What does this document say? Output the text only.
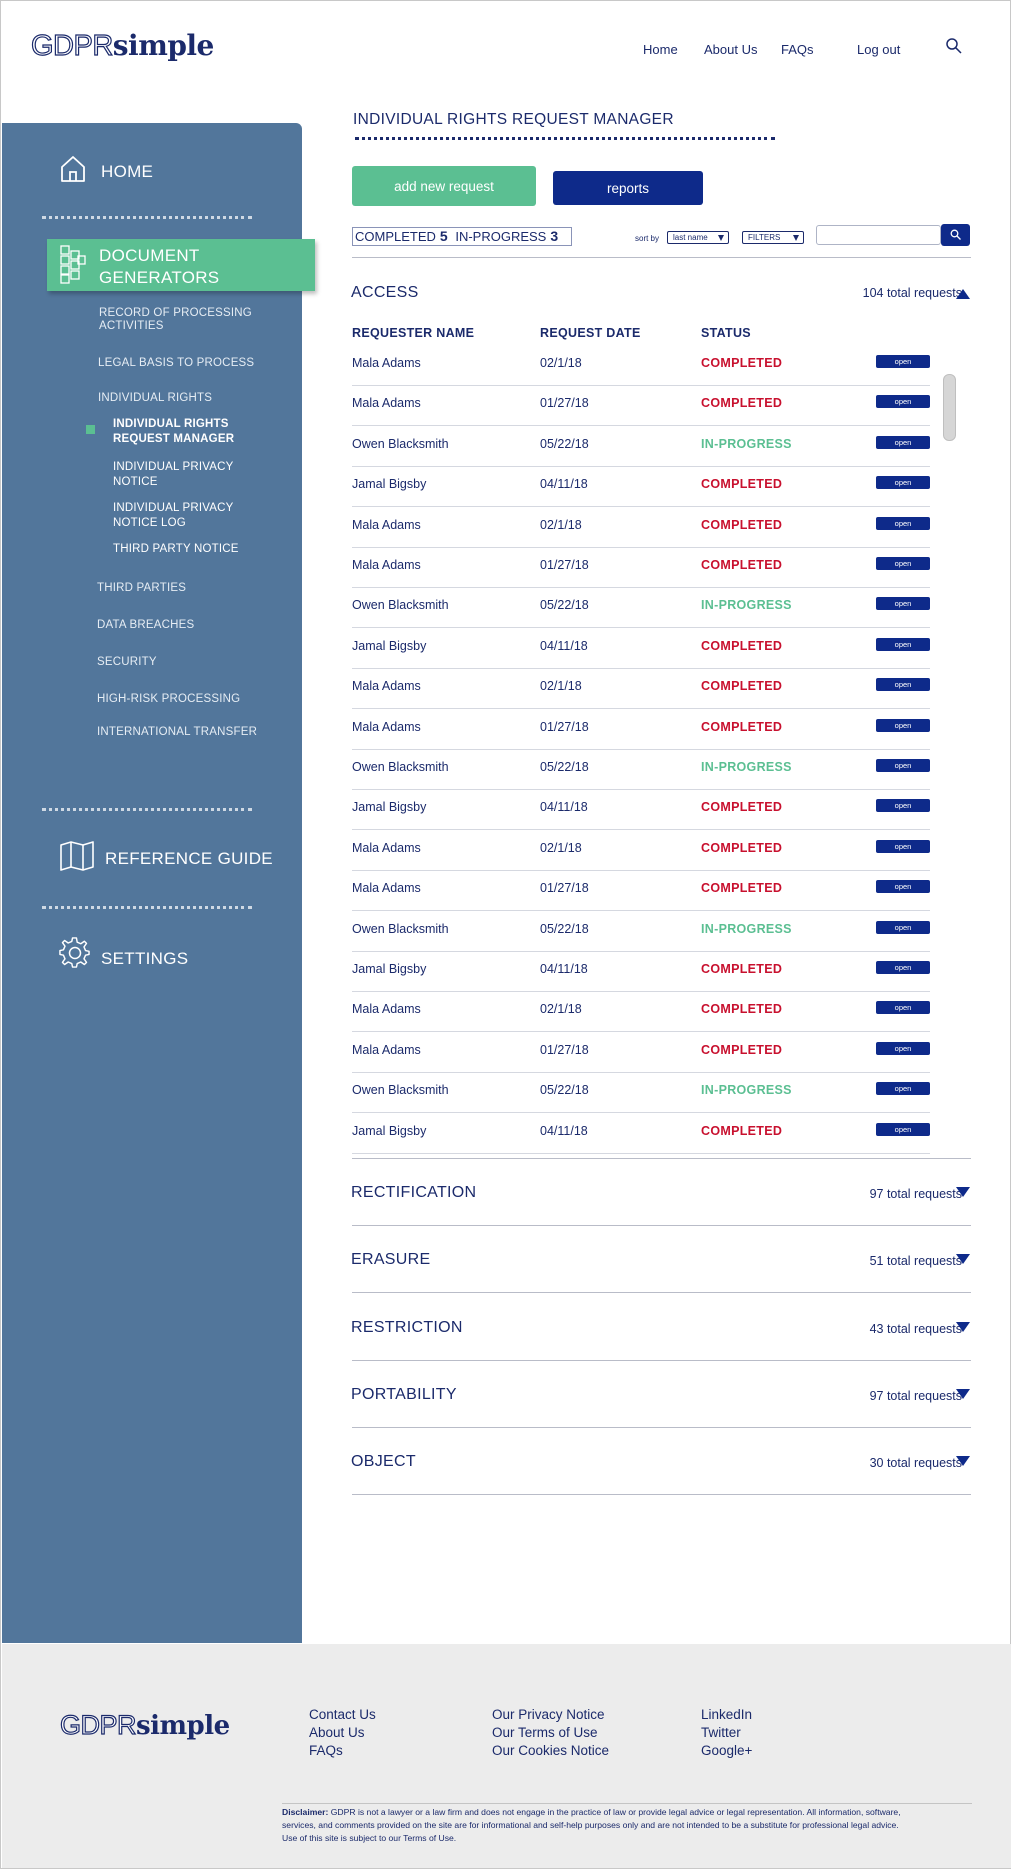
GDPRsimple	Home About Us FAQs	Log out
HOME
RECORD OF PROCESSING ACTIVITIES
LEGAL BASIS TO PROCESS
INDIVIDUAL RIGHTS
INDIVIDUAL RIGHTS REQUEST MANAGER
INDIVIDUAL PRIVACY NOTICE
INDIVIDUAL PRIVACY NOTICE LOG
THIRD PARTY NOTICE
THIRD PARTIES
DATA BREACHES
SECURITY
HIGH-RISK PROCESSING
INTERNATIONAL TRANSFER
REFERENCE GUIDE
SETTINGS
DOCUMENT GENERATORS
INDIVIDUAL RIGHTS REQUEST MANAGER
add new request	reports
COMPLETED 5 IN-PROGRESS 3	sort by	last name	FILTERS
ACCESS	104 total requests
REQUESTER NAME	REQUEST DATE	STATUS
Mala Adams	02/1/18	COMPLETED	open
Mala Adams	01/27/18	COMPLETED	open
Owen Blacksmith	05/22/18	IN-PROGRESS	open
Jamal Bigsby	04/11/18	COMPLETED	open
Mala Adams	02/1/18	COMPLETED	open
Mala Adams	01/27/18	COMPLETED	open
Owen Blacksmith	05/22/18	IN-PROGRESS	open
Jamal Bigsby	04/11/18	COMPLETED	open
Mala Adams	02/1/18	COMPLETED	open
Mala Adams	01/27/18	COMPLETED	open
Owen Blacksmith	05/22/18	IN-PROGRESS	open
Jamal Bigsby	04/11/18	COMPLETED	open
Mala Adams	02/1/18	COMPLETED	open
Mala Adams	01/27/18	COMPLETED	open
Owen Blacksmith	05/22/18	IN-PROGRESS	open
Jamal Bigsby	04/11/18	COMPLETED	open
Mala Adams	02/1/18	COMPLETED	open
Mala Adams	01/27/18	COMPLETED	open
Owen Blacksmith	05/22/18	IN-PROGRESS	open
Jamal Bigsby	04/11/18	COMPLETED	open
RECTIFICATION	97 total requests
ERASURE	51 total requests
RESTRICTION	43 total requests
PORTABILITY	97 total requests
OBJECT	30 total requests
GDPRsimple	Contact Us
About Us
FAQs
Our Privacy Notice
Our Terms of Use
Our Cookies Notice
LinkedIn
Twitter
Google+
Disclaimer: GDPR is not a lawyer or a law firm and does not engage in the practice of law or provide legal advice or legal representation. All information, software, services, and comments provided on the site are for informational and self-help purposes only and are not intended to be a substitute for professional legal advice. Use of this site is subject to our Terms of Use.
